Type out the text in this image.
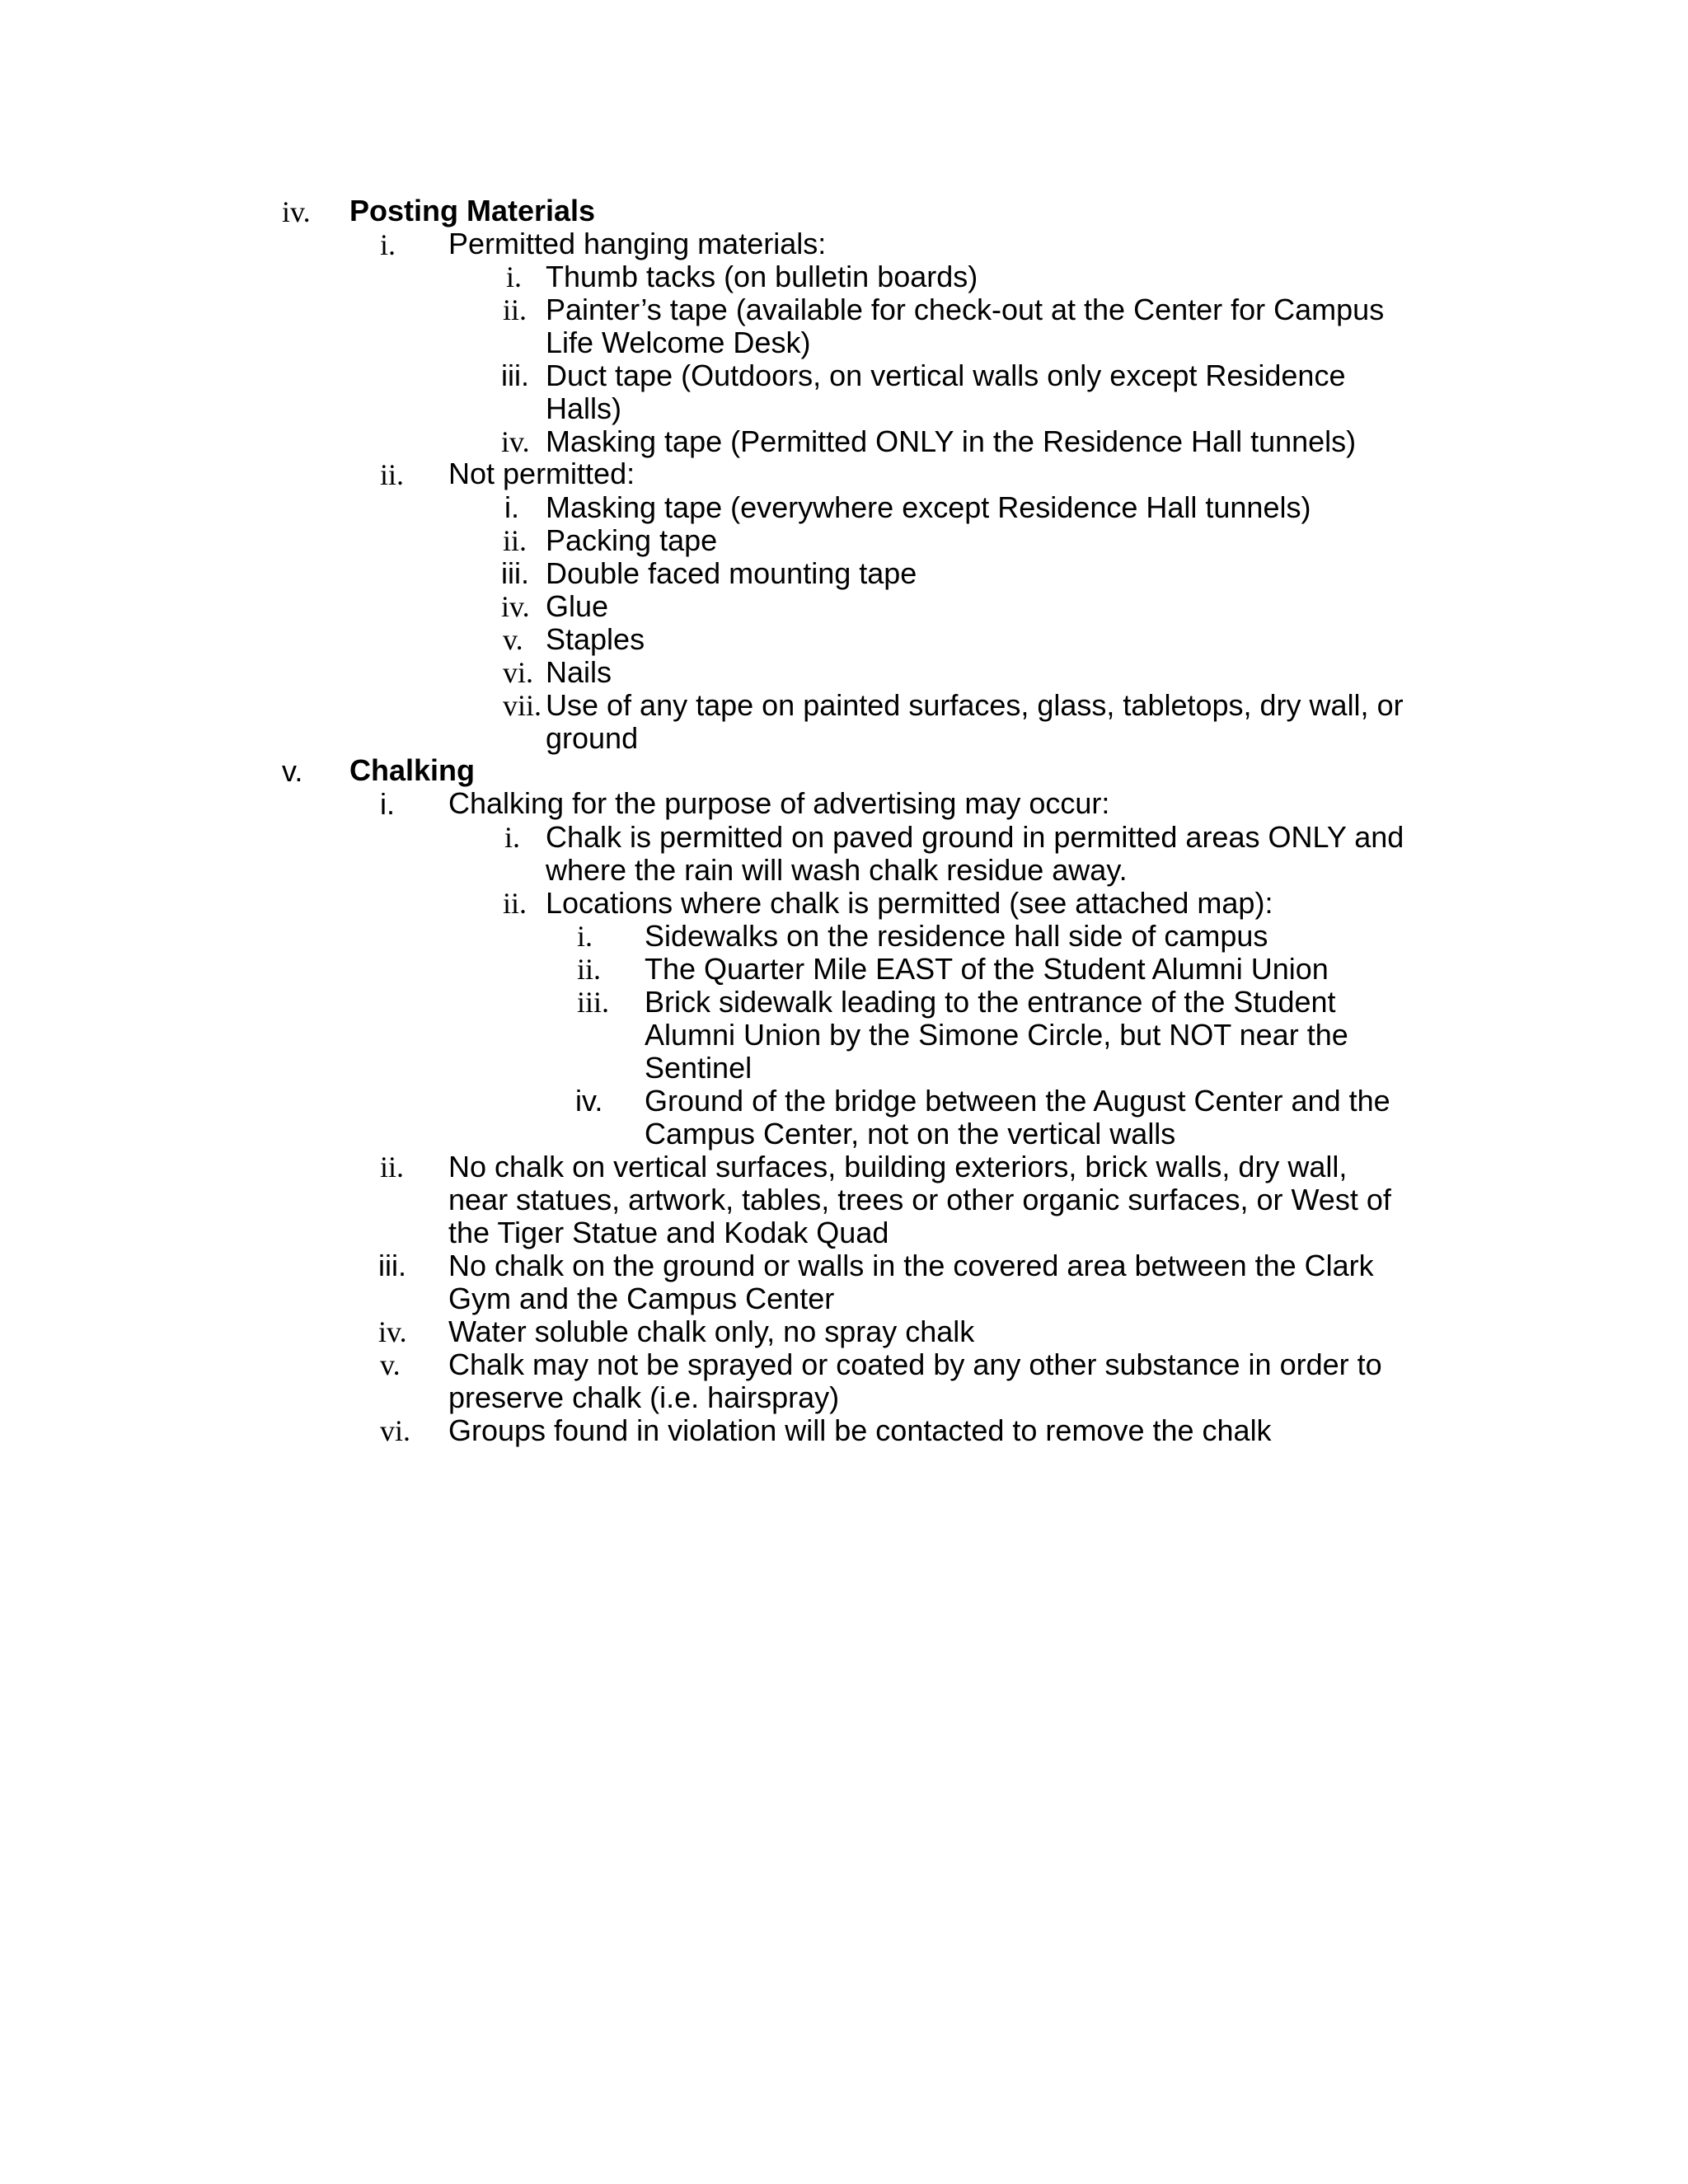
iv. Posting Materials
i. Permitted hanging materials:
i. Thumb tacks (on bulletin boards)
ii. Painter’s tape (available for check-out at the Center for Campus
Life Welcome Desk)
iii. Duct tape (Outdoors, on vertical walls only except Residence
Halls)
iv. Masking tape (Permitted ONLY in the Residence Hall tunnels)
ii. Not permitted:
i. Masking tape (everywhere except Residence Hall tunnels)
ii. Packing tape
iii. Double faced mounting tape
iv. Glue
v. Staples
vi. Nails
vii. Use of any tape on painted surfaces, glass, tabletops, dry wall, or
ground
v. Chalking
i. Chalking for the purpose of advertising may occur:
i. Chalk is permitted on paved ground in permitted areas ONLY and
where the rain will wash chalk residue away.
ii. Locations where chalk is permitted (see attached map):
i. Sidewalks on the residence hall side of campus
ii. The Quarter Mile EAST of the Student Alumni Union
iii. Brick sidewalk leading to the entrance of the Student
Alumni Union by the Simone Circle, but NOT near the
Sentinel
iv. Ground of the bridge between the August Center and the
Campus Center, not on the vertical walls
ii. No chalk on vertical surfaces, building exteriors, brick walls, dry wall,
near statues, artwork, tables, trees or other organic surfaces, or West of
the Tiger Statue and Kodak Quad
iii. No chalk on the ground or walls in the covered area between the Clark
Gym and the Campus Center
iv. Water soluble chalk only, no spray chalk
v. Chalk may not be sprayed or coated by any other substance in order to
preserve chalk (i.e. hairspray)
vi. Groups found in violation will be contacted to remove the chalk
